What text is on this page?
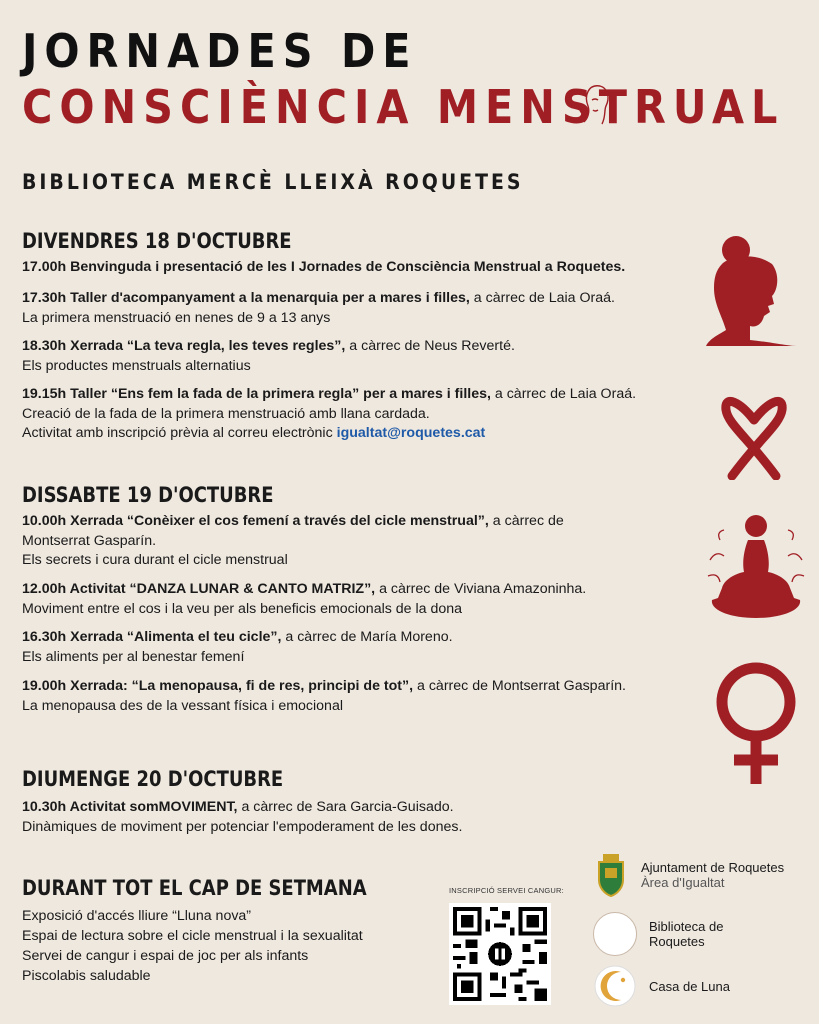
JORNADES DE
CONSCIÈNCIA MENSTRUAL
BIBLIOTECA MERCÈ LLEIXÀ ROQUETES
DIVENDRES 18 D'OCTUBRE

17.00h Benvinguda i presentació de les I Jornades de Consciència Menstrual a Roquetes.

17.30h Taller d'acompanyament a la menarquia per a mares i filles, a càrrec de Laia Oraá.
La primera menstruació en nenes de 9 a 13 anys

18.30h Xerrada “La teva regla, les teves regles”, a càrrec de Neus Reverté.
Els productes menstruals alternatius

19.15h Taller “Ens fem la fada de la primera regla” per a mares i filles, a càrrec de Laia Oraá.
Creació de la fada de la primera menstruació amb llana cardada.
Activitat amb inscripció prèvia al correu electrònic igualtat@roquetes.cat

DISSABTE 19 D'OCTUBRE

10.00h Xerrada “Conèixer el cos femení a través del cicle menstrual”, a càrrec de Montserrat Gasparín.
Els secrets i cura durant el cicle menstrual

12.00h Activitat “DANZA LUNAR & CANTO MATRIZ”, a càrrec de Viviana Amazoninha.
Moviment entre el cos i la veu per als beneficis emocionals de la dona

16.30h Xerrada “Alimenta el teu cicle”, a càrrec de María Moreno.
Els aliments per al benestar femení

19.00h Xerrada: “La menopausa, fi de res, principi de tot”, a càrrec de Montserrat Gasparín.
La menopausa des de la vessant física i emocional

DIUMENGE 20 D'OCTUBRE

10.30h Activitat somMOVIMENT, a càrrec de Sara Garcia-Guisado.
Dinàmiques de moviment per potenciar l'empoderament de les dones.

DURANT TOT EL CAP DE SETMANA
Exposició d'accés lliure “Lluna nova”
Espai de lectura sobre el cicle menstrual i la sexualitat
Servei de cangur i espai de joc per als infants
Piscolabis saludable
INSCRIPCIÓ SERVEI CANGUR:
Ajuntament de Roquetes
Àrea d'Igualtat
Biblioteca de
Roquetes
Casa de Luna
